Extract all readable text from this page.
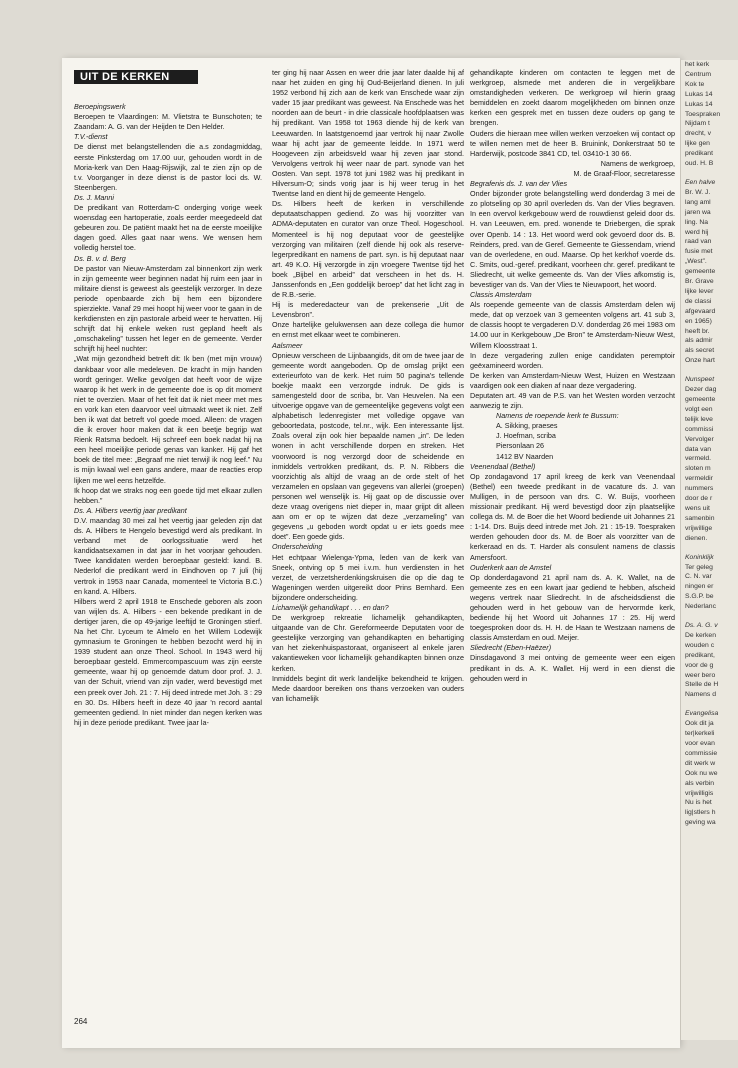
UIT DE KERKEN

Beroepingswerk

Beroepen te Vlaardingen: M. Vlietstra te Bunschoten; te Zaandam: A. G. van der Heijden te Den Helder.

T.V.-dienst

De dienst met belangstellenden die a.s zondagmiddag, eerste Pinksterdag om 17.00 uur, gehouden wordt in de Moria-kerk van Den Haag-Rijswijk, zal te zien zijn op de t.v. Voorganger in deze dienst is de pastor loci ds. W. Steenbergen.

Ds. J. Manni

De predikant van Rotterdam-C onderging vorige week woensdag een hartoperatie, zoals eerder meegedeeld dat gebeuren zou. De patiënt maakt het na de eerste moeilijke dagen goed. Alles gaat naar wens. We wensen hem volledig herstel toe.

Ds. B. v. d. Berg

De pastor van Nieuw-Amsterdam zal binnenkort zijn werk in zijn gemeente weer beginnen nadat hij ruim een jaar in militaire dienst is geweest als geestelijk verzorger. In deze periode openbaarde zich bij hem een bijzondere spierziekte. Vanaf 29 mei hoopt hij weer voor te gaan in de kerkdiensten en zijn pastorale arbeid weer te hervatten. Hij schrijft dat hij enkele weken rust gepland heeft als „omschakeling” tussen het leger en de gemeente. Verder schrijft hij heel nuchter:

„Wat mijn gezondheid betreft dit: Ik ben (met mijn vrouw) dankbaar voor alle medeleven. De kracht in mijn handen wordt geringer. Welke gevolgen dat heeft voor de wijze waarop ik het werk in de gemeente doe is op dit moment niet te overzien. Maar of het feit dat ik niet meer met mes en vork kan eten daarvoor veel uitmaakt weet ik niet. Zelf ben ik wat dat betreft vol goede moed. Alleen: de vragen die ik erover hoor maken dat ik een beetje begrijp wat Rienk Ratsma bedoelt. Hij schreef een boek nadat hij na een heel moeilijke periode genas van kanker. Hij gaf het boek de titel mee: „Begraaf me niet terwijl ik nog leef.” Nu is mijn kwaal wel een gans andere, maar de reacties erop lijken me wel eens hetzelfde.

Ik hoop dat we straks nog een goede tijd met elkaar zullen hebben.”

Ds. A. Hilbers veertig jaar predikant

D.V. maandag 30 mei zal het veertig jaar geleden zijn dat ds. A. Hilbers te Hengelo bevestigd werd als predikant. In verband met de oorlogssituatie werd het kandidaatsexamen in dat jaar in het voorjaar gehouden. Twee kandidaten werden beroepbaar gesteld: kand. B. Nederlof die predikant werd in Eindhoven op 7 juli (hij vertrok in 1953 naar Canada, momenteel te Victoria B.C.) en kand. A. Hilbers.

Hilbers werd 2 april 1918 te Enschede geboren als zoon van wijlen ds. A. Hilbers - een bekende predikant in de dertiger jaren, die op 49-jarige leeftijd te Groningen stierf. Na het Chr. Lyceum te Almelo en het Willem Lodewijk gymnasium te Groningen te hebben bezocht werd hij in 1939 student aan onze Theol. School. In 1943 werd hij beroepbaar gesteld. Emmercompascuum was zijn eerste gemeente, waar hij op genoemde datum door prof. J. J. van der Schuit, vriend van zijn vader, werd bevestigd met een preek over Joh. 21 : 7. Hij deed intrede met Joh. 3 : 29 en 30. Ds. Hilbers heeft in deze 40 jaar 'n record aantal gemeenten gediend. In niet minder dan negen kerken was hij in deze periode predikant. Twee jaar la-

ter ging hij naar Assen en weer drie jaar later daalde hij af naar het zuiden en ging hij Oud-Beijerland dienen. In juli 1952 verbond hij zich aan de kerk van Enschede waar zijn vader 15 jaar predikant was geweest. Na Enschede was het noorden aan de beurt - in drie classicale hoofdplaatsen was hij predikant. Van 1958 tot 1963 diende hij de kerk van Leeuwarden. In laatstgenoemd jaar vertrok hij naar Zwolle waar hij acht jaar de gemeente leidde. In 1971 werd Hoogeveen zijn arbeidsveld waar hij zeven jaar stond. Vervolgens vertrok hij weer naar de part. synode van het Oosten. Van sept. 1978 tot juni 1982 was hij predikant in Hilversum-O; sinds vorig jaar is hij weer terug in het Twentse land en dient hij de gemeente Hengelo.

Ds. Hilbers heeft de kerken in verschillende deputaatschappen gediend. Zo was hij voorzitter van ADMA-deputaten en curator van onze Theol. Hogeschool. Momenteel is hij nog deputaat voor de geestelijke verzorging van militairen (zelf diende hij ook als reserve-legerpredikant en namens de part. syn. is hij deputaat naar art. 49 K.O. Hij verzorgde in zijn vroegere Twentse tijd het boek „Bijbel en arbeid” dat verscheen in het ds. H. Janssenfonds en „Een goddelijk beroep” dat het licht zag in de R.B.-serie.

Hij is mederedacteur van de prekenserie „Uit de Levensbron”.

Onze hartelijke gelukwensen aan deze collega die humor en ernst met elkaar weet te combineren.

Aalsmeer

Opnieuw verscheen de Lijnbaangids, dit om de twee jaar de gemeente wordt aangeboden. Op de omslag prijkt een exterieurfoto van de kerk. Het ruim 50 pagina's tellende boekje maakt een verzorgde indruk. De gids is samengesteld door de scriba, br. Van Heuvelen. Na een uitvoerige opgave van de gemeentelijke gegevens volgt een alphabetisch ledenregister met volledige opgave van geboortedata, postcode, tel.nr., wijk. Een interessante lijst. Zoals overal zijn ook hier bepaalde namen „in”. De leden wonen in acht verschillende dorpen en streken. Het voorwoord is nog verzorgd door de scheidende en inmiddels vertrokken predikant, ds. P. N. Ribbers die voorzichtig als altijd de vraag an de orde stelt of het verzamelen en opslaan van gegevens van allerlei (groepen) personen wel wenselijk is. Hij gaat op de discussie over deze vraag overigens niet dieper in, maar grijpt dit alleen aan om er op te wijzen dat deze „verzameling” van gegevens „u geboden wordt opdat u er iets goeds mee doet”. Een goede gids.

Onderscheiding

Het echtpaar Wielenga-Ypma, leden van de kerk van Sneek, ontving op 5 mei i.v.m. hun verdiensten in het verzet, de verzetsherdenkingskruisen die op die dag te Wageningen werden uitgereikt door Prins Bernhard. Een bijzondere onderscheiding.

Lichamelijk gehandikapt . . . en dan?

De werkgroep rekreatie lichamelijk gehandikapten, uitgaande van de Chr. Gereformeerde Deputaten voor de geestelijke verzorging van gehandikapten en behartiging van het ziekenhuispastoraat, organiseert al enkele jaren vakantieweken voor lichamelijk gehandikapten binnen onze kerken.

Inmiddels begint dit werk landelijke bekendheid te krijgen. Mede daardoor bereiken ons thans verzoeken van ouders van lichamelijk

gehandikapte kinderen om contacten te leggen met de werkgroep, alsmede met anderen die in vergelijkbare omstandigheden verkeren. De werkgroep wil hierin graag bemiddelen en zoekt daarom mogelijkheden om binnen onze kerken een gesprek met en tussen deze ouders op gang te brengen.

Ouders die hieraan mee willen werken verzoeken wij contact op te willen nemen met de heer B. Bruinink, Donkerstraat 50 te Harderwijk, postcode 3841 CD, tel. 03410-1 30 66.

Namens de werkgroep,

M. de Graaf-Floor, secretaresse

Begrafenis ds. J. van der Vlies

Onder bijzonder grote belangstelling werd donderdag 3 mei de zo plotseling op 30 april overleden ds. Van der Vlies begraven. In een overvol kerkgebouw werd de rouwdienst geleid door ds. H. van Leeuwen, em. pred. wonende te Driebergen, die sprak over Openb. 14 : 13. Het woord werd ook gevoerd door ds. B. Reinders, pred. van de Geref. Gemeente te Giessendam, vriend van de overledene, en oud. Maarse. Op het kerkhof voerde ds. C. Smits, oud.-geref. predikant, voorheen chr. geref. predikant te Sliedrecht, uit welke gemeente ds. Van der Vlies afkomstig is, bevestiger van ds. Van der Vlies te Nieuwpoort, het woord.

Classis Amsterdam

Als roepende gemeente van de classis Amsterdam delen wij mede, dat op verzoek van 3 gemeenten volgens art. 41 sub 3, de classis hoopt te vergaderen D.V. donderdag 26 mei 1983 om 14.00 uur in Kerkgebouw „De Bron” te Amsterdam-Nieuw West, Willem Kloosstraat 1.

In deze vergadering zullen enige candidaten peremptoir geëxamineerd worden.

De kerken van Amsterdam-Nieuw West, Huizen en Westzaan vaardigen ook een diaken af naar deze vergadering.

Deputaten art. 49 van de P.S. van het Westen worden verzocht aanwezig te zijn.

Namens de roepende kerk te Bussum:

A. Sikking, praeses

J. Hoefman, scriba

Piersonlaan 26

1412 BV Naarden

Veenendaal (Bethel)

Op zondagavond 17 april kreeg de kerk van Veenendaal (Bethel) een tweede predikant in de vacature ds. J. van Mulligen, in de persoon van drs. C. W. Buijs, voorheen missionair predikant. Hij werd bevestigd door zijn plaatselijke collega ds. M. de Boer die het Woord bediende uit Johannes 21 : 1-14. Drs. Buijs deed intrede met Joh. 21 : 15-19. Toespraken werden gehouden door ds. M. de Boer als voorzitter van de kerkeraad en ds. T. Harder als consulent namens de classis Amersfoort.

Ouderkerk aan de Amstel

Op donderdagavond 21 april nam ds. A. K. Wallet, na de gemeente zes en een kwart jaar gediend te hebben, afscheid wegens vertrek naar Sliedrecht. In de afscheidsdienst die gehouden werd in het gebouw van de hervormde kerk, bediende hij het Woord uit Johannes 17 : 25. Hij werd toegesproken door ds. H. H. de Haan te Westzaan namens de classis Amsterdam en oud. Meijer.

Sliedrecht (Eben-Haëzer)

Dinsdagavond 3 mei ontving de gemeente weer een eigen predikant in ds. A. K. Wallet. Hij werd in een dienst die gehouden werd in

264
het kerk
Centrum
Kok te
Lukas 14
Lukas 14
Toespraken
Nijdam t
drecht, v
lijke gen
predikant
oud. H. B
Een halve
Br. W. J.
lang aml
jaren wa
ling. Na
werd hij
raad van
fusie met
„West”.
gemeente
Br. Grave
lijke lever
de classi
afgevaard
en 1965)
heeft br.
als admir
als secret
Onze hart
Nunspeet
Dezer dag
gemeente
volgt een
telijk leve
commissi
Vervolger
data van
vermeld.
sloten m
vermeldir
nummers
door de r
wens uit
samenbin
vrijwillige
dienen.
Koninklijk
Ter geleg
C. N. var
ningen er
S.G.P. be
Nederlanc
Ds. A. G. v
De kerken
wouden c
predikant,
voor de g
weer bero
Stelle de H
Namens d
Evangelisa
Ook dit ja
ter|kerkeli
voor evan
commissie
dit werk w
Ook nu we
als verbin
vrijwilligis
Nu is het
lig|stlers h
geving wa
